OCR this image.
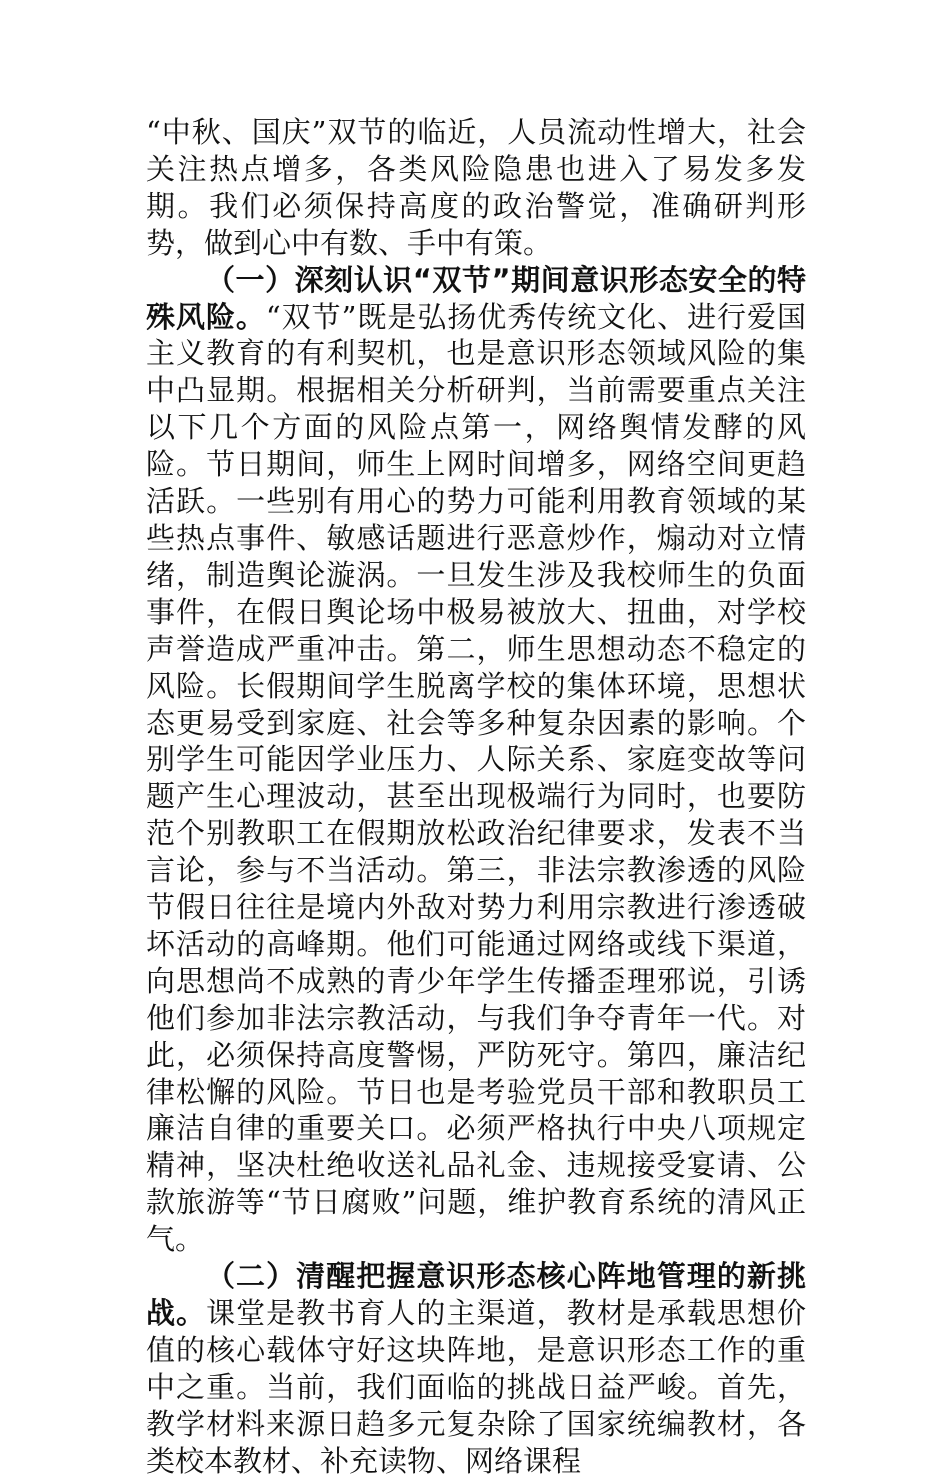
“中秋、国庆”双节的临近，人员流动性增大，社会关注热点增多，各类风险隐患也进入了易发多发期。我们必须保持高度的政治警觉，准确研判形势，做到心中有数、手中有策。

（一）深刻认识“双节”期间意识形态安全的特殊风险。“双节”既是弘扬优秀传统文化、进行爱国主义教育的有利契机，也是意识形态领域风险的集中凸显期。根据相关分析研判，当前需要重点关注以下几个方面的风险点第一，网络舆情发酵的风险。节日期间，师生上网时间增多，网络空间更趋活跃。一些别有用心的势力可能利用教育领域的某些热点事件、敏感话题进行恶意炒作，煽动对立情绪，制造舆论漩涡。一旦发生涉及我校师生的负面事件，在假日舆论场中极易被放大、扭曲，对学校声誉造成严重冲击。第二，师生思想动态不稳定的风险。长假期间学生脱离学校的集体环境，思想状态更易受到家庭、社会等多种复杂因素的影响。个别学生可能因学业压力、人际关系、家庭变故等问题产生心理波动，甚至出现极端行为同时，也要防范个别教职工在假期放松政治纪律要求，发表不当言论，参与不当活动。第三，非法宗教渗透的风险节假日往往是境内外敌对势力利用宗教进行渗透破坏活动的高峰期。他们可能通过网络或线下渠道，向思想尚不成熟的青少年学生传播歪理邪说，引诱他们参加非法宗教活动，与我们争夺青年一代。对此，必须保持高度警惕，严防死守。第四，廉洁纪律松懈的风险。节日也是考验党员干部和教职员工廉洁自律的重要关口。必须严格执行中央八项规定精神，坚决杜绝收送礼品礼金、违规接受宴请、公款旅游等“节日腐败”问题，维护教育系统的清风正气。

（二）清醒把握意识形态核心阵地管理的新挑战。课堂是教书育人的主渠道，教材是承载思想价值的核心载体守好这块阵地，是意识形态工作的重中之重。当前，我们面临的挑战日益严峻。首先，教学材料来源日趋多元复杂除了国家统编教材，各类校本教材、补充读物、网络课程
